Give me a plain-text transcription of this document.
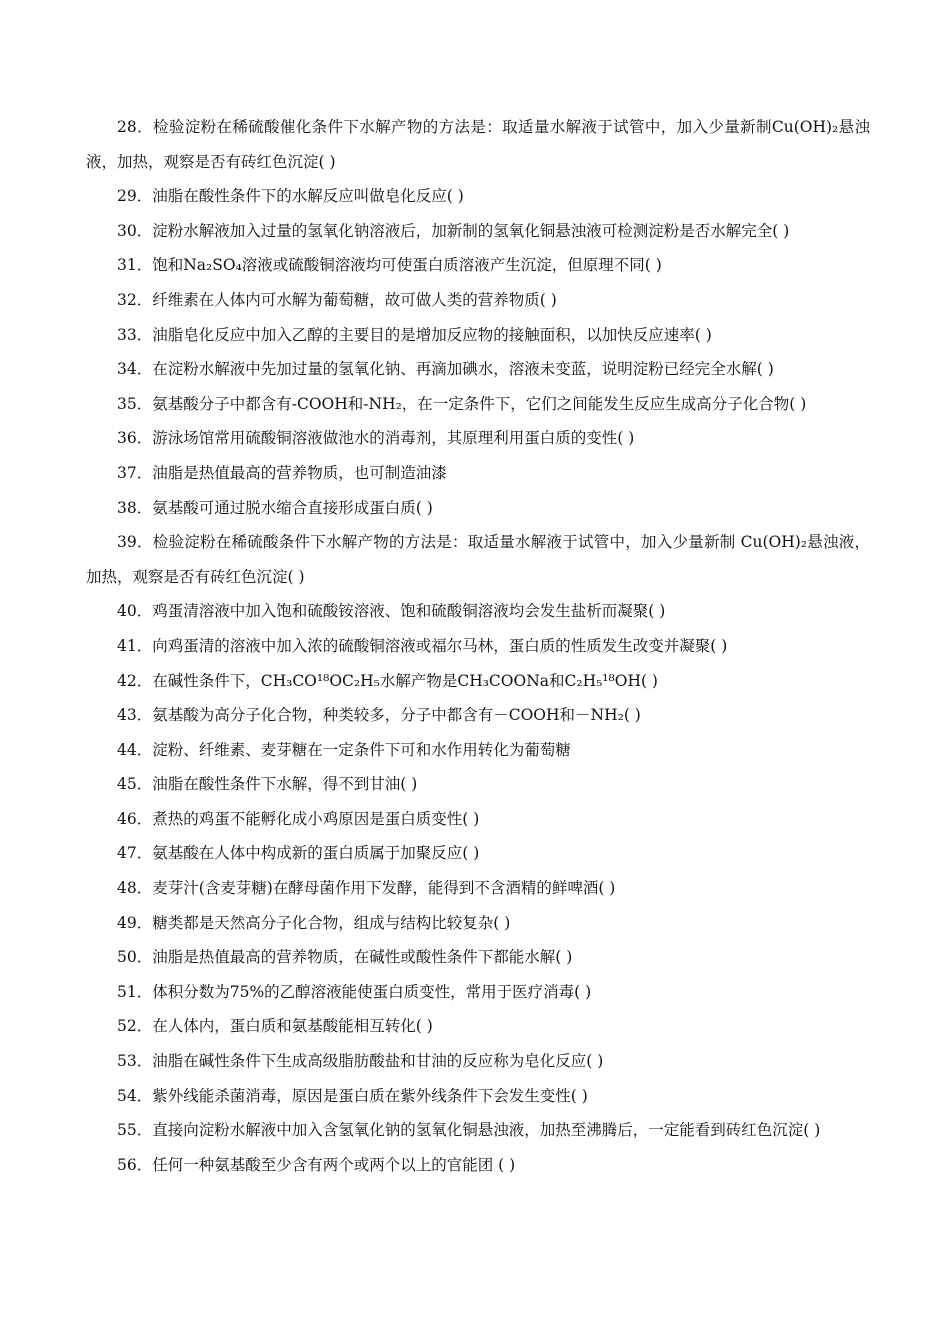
28．检验淀粉在稀硫酸催化条件下水解产物的方法是：取适量水解液于试管中，加入少量新制Cu(OH)₂悬浊液，加热，观察是否有砖红色沉淀( )

29．油脂在酸性条件下的水解反应叫做皂化反应( )

30．淀粉水解液加入过量的氢氧化钠溶液后，加新制的氢氧化铜悬浊液可检测淀粉是否水解完全( )

31．饱和Na₂SO₄溶液或硫酸铜溶液均可使蛋白质溶液产生沉淀，但原理不同( )

32．纤维素在人体内可水解为葡萄糖，故可做人类的营养物质( )

33．油脂皂化反应中加入乙醇的主要目的是增加反应物的接触面积，以加快反应速率( )

34．在淀粉水解液中先加过量的氢氧化钠、再滴加碘水，溶液未变蓝，说明淀粉已经完全水解( )

35．氨基酸分子中都含有-COOH和-NH₂，在一定条件下，它们之间能发生反应生成高分子化合物( )

36．游泳场馆常用硫酸铜溶液做池水的消毒剂，其原理利用蛋白质的变性( )

37．油脂是热值最高的营养物质，也可制造油漆

38．氨基酸可通过脱水缩合直接形成蛋白质( )

39．检验淀粉在稀硫酸条件下水解产物的方法是：取适量水解液于试管中，加入少量新制 Cu(OH)₂悬浊液，加热，观察是否有砖红色沉淀( )

40．鸡蛋清溶液中加入饱和硫酸铵溶液、饱和硫酸铜溶液均会发生盐析而凝聚( )

41．向鸡蛋清的溶液中加入浓的硫酸铜溶液或福尔马林，蛋白质的性质发生改变并凝聚( )

42．在碱性条件下，CH₃CO¹⁸OC₂H₅水解产物是CH₃COONa和C₂H₅¹⁸OH( )

43．氨基酸为高分子化合物，种类较多，分子中都含有－COOH和－NH₂( )

44．淀粉、纤维素、麦芽糖在一定条件下可和水作用转化为葡萄糖

45．油脂在酸性条件下水解，得不到甘油( )

46．煮热的鸡蛋不能孵化成小鸡原因是蛋白质变性( )

47．氨基酸在人体中构成新的蛋白质属于加聚反应( )

48．麦芽汁(含麦芽糖)在酵母菌作用下发酵，能得到不含酒精的鲜啤酒( )

49．糖类都是天然高分子化合物，组成与结构比较复杂( )

50．油脂是热值最高的营养物质，在碱性或酸性条件下都能水解( )

51．体积分数为75%的乙醇溶液能使蛋白质变性，常用于医疗消毒( )

52．在人体内，蛋白质和氨基酸能相互转化( )

53．油脂在碱性条件下生成高级脂肪酸盐和甘油的反应称为皂化反应( )

54．紫外线能杀菌消毒，原因是蛋白质在紫外线条件下会发生变性( )

55．直接向淀粉水解液中加入含氢氧化钠的氢氧化铜悬浊液，加热至沸腾后，一定能看到砖红色沉淀( )

56．任何一种氨基酸至少含有两个或两个以上的官能团 ( )
